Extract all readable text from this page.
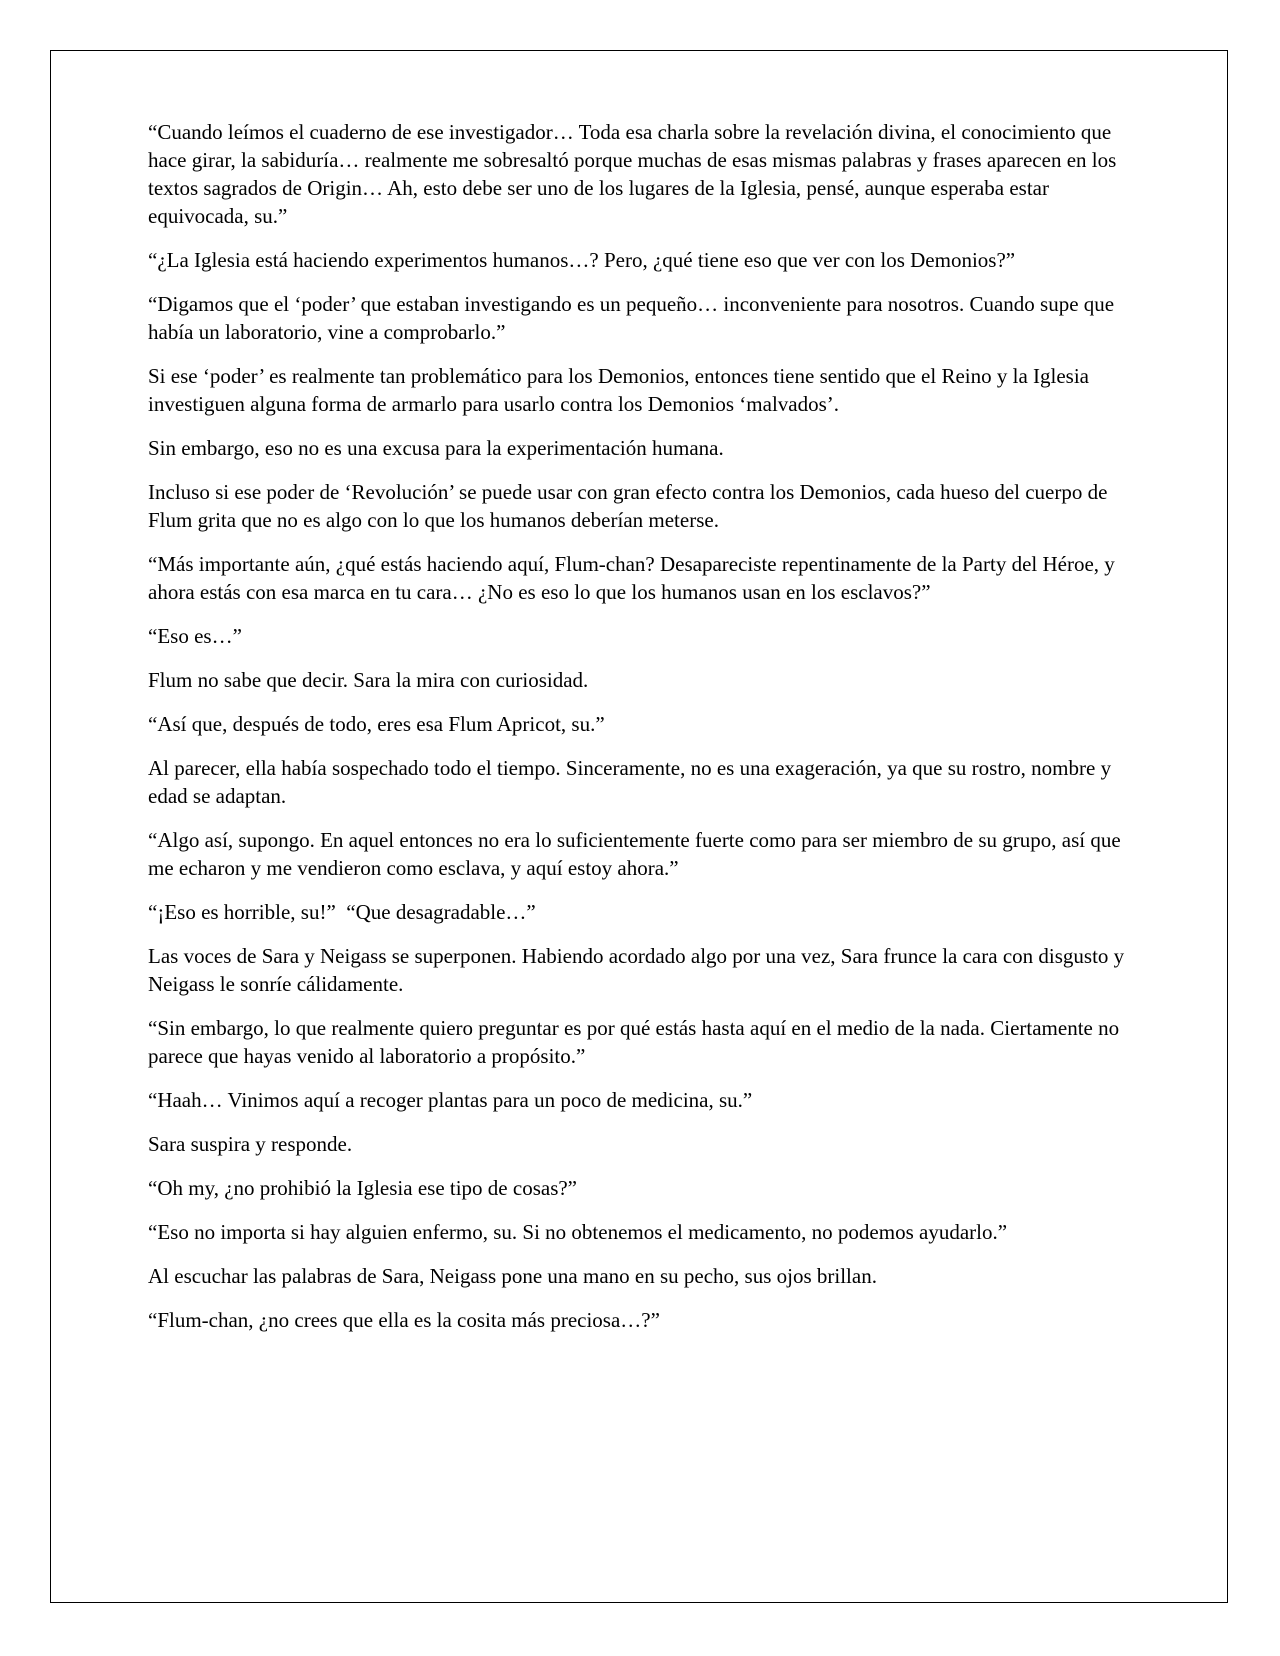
“Cuando leímos el cuaderno de ese investigador… Toda esa charla sobre la revelación divina, el conocimiento que hace girar, la sabiduría… realmente me sobresaltó porque muchas de esas mismas palabras y frases aparecen en los textos sagrados de Origin… Ah, esto debe ser uno de los lugares de la Iglesia, pensé, aunque esperaba estar equivocada, su.”

“¿La Iglesia está haciendo experimentos humanos…? Pero, ¿qué tiene eso que ver con los Demonios?”

“Digamos que el ‘poder’ que estaban investigando es un pequeño… inconveniente para nosotros. Cuando supe que había un laboratorio, vine a comprobarlo.”

Si ese ‘poder’ es realmente tan problemático para los Demonios, entonces tiene sentido que el Reino y la Iglesia investiguen alguna forma de armarlo para usarlo contra los Demonios ‘malvados’.

Sin embargo, eso no es una excusa para la experimentación humana.

Incluso si ese poder de ‘Revolución’ se puede usar con gran efecto contra los Demonios, cada hueso del cuerpo de Flum grita que no es algo con lo que los humanos deberían meterse.

“Más importante aún, ¿qué estás haciendo aquí, Flum-chan? Desapareciste repentinamente de la Party del Héroe, y ahora estás con esa marca en tu cara… ¿No es eso lo que los humanos usan en los esclavos?”

“Eso es…”

Flum no sabe que decir. Sara la mira con curiosidad.

“Así que, después de todo, eres esa Flum Apricot, su.”

Al parecer, ella había sospechado todo el tiempo. Sinceramente, no es una exageración, ya que su rostro, nombre y edad se adaptan.

“Algo así, supongo. En aquel entonces no era lo suficientemente fuerte como para ser miembro de su grupo, así que me echaron y me vendieron como esclava, y aquí estoy ahora.”

“¡Eso es horrible, su!”  “Que desagradable…”

Las voces de Sara y Neigass se superponen. Habiendo acordado algo por una vez, Sara frunce la cara con disgusto y Neigass le sonríe cálidamente.

“Sin embargo, lo que realmente quiero preguntar es por qué estás hasta aquí en el medio de la nada. Ciertamente no parece que hayas venido al laboratorio a propósito.”

“Haah… Vinimos aquí a recoger plantas para un poco de medicina, su.”

Sara suspira y responde.

“Oh my, ¿no prohibió la Iglesia ese tipo de cosas?”

“Eso no importa si hay alguien enfermo, su. Si no obtenemos el medicamento, no podemos ayudarlo.”

Al escuchar las palabras de Sara, Neigass pone una mano en su pecho, sus ojos brillan.

“Flum-chan, ¿no crees que ella es la cosita más preciosa…?”
